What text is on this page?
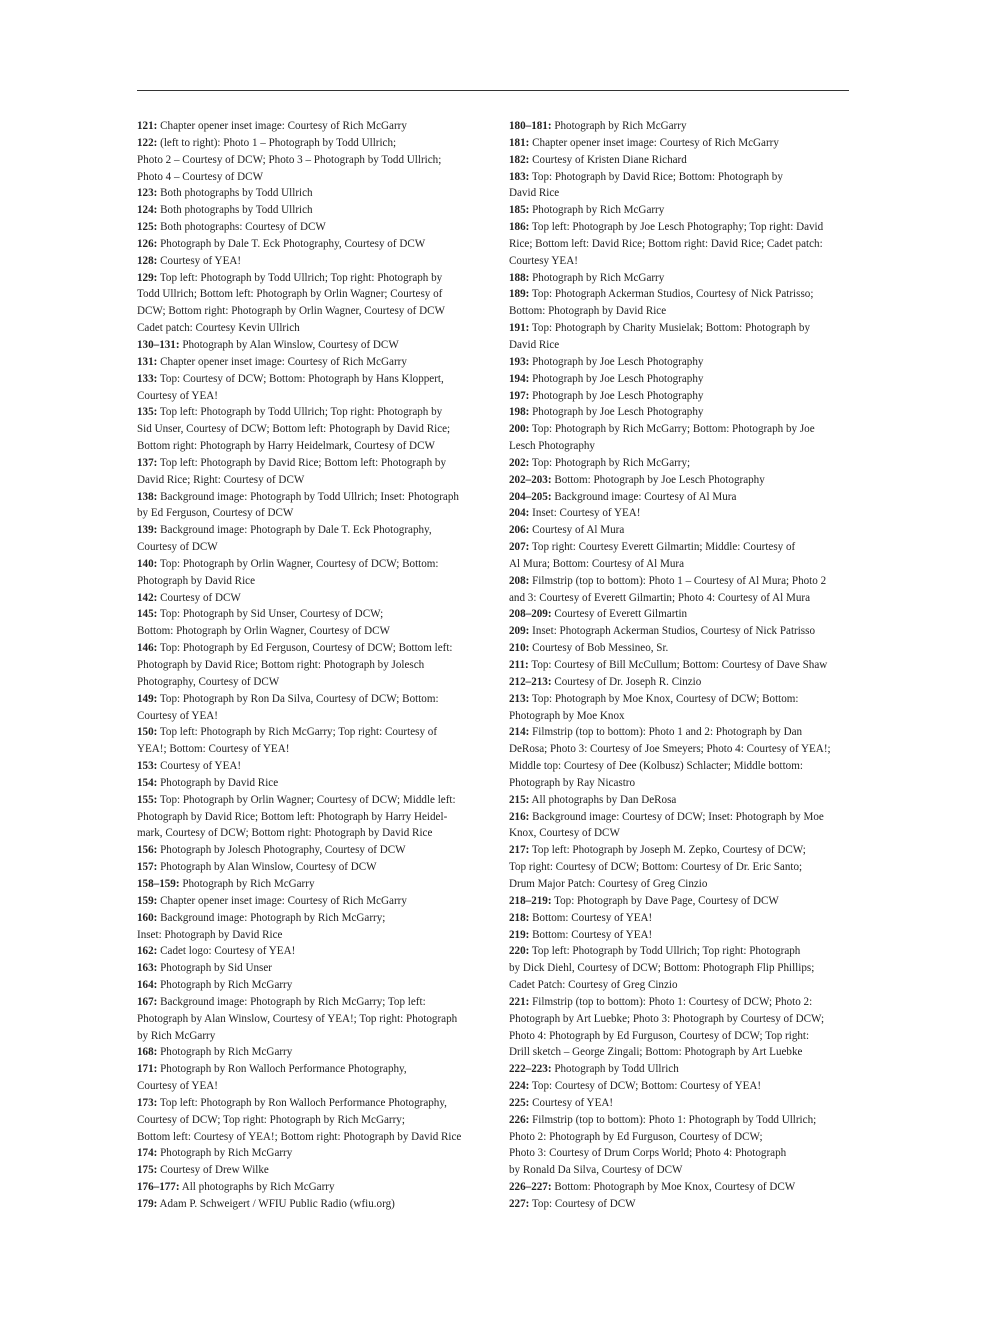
121: Chapter opener inset image: Courtesy of Rich McGarry
122: (left to right): Photo 1 – Photograph by Todd Ullrich;
Photo 2 – Courtesy of DCW; Photo 3 – Photograph by Todd Ullrich;
Photo 4 – Courtesy of DCW
123: Both photographs by Todd Ullrich
124: Both photographs by Todd Ullrich
125: Both photographs: Courtesy of DCW
126: Photograph by Dale T. Eck Photography, Courtesy of DCW
128: Courtesy of YEA!
129: Top left: Photograph by Todd Ullrich; Top right: Photograph by
Todd Ullrich; Bottom left: Photograph by Orlin Wagner; Courtesy of
DCW; Bottom right: Photograph by Orlin Wagner, Courtesy of DCW
Cadet patch: Courtesy Kevin Ullrich
130–131: Photograph by Alan Winslow, Courtesy of DCW
131: Chapter opener inset image: Courtesy of Rich McGarry
133: Top: Courtesy of DCW; Bottom: Photograph by Hans Kloppert,
Courtesy of YEA!
135: Top left: Photograph by Todd Ullrich; Top right: Photograph by
Sid Unser, Courtesy of DCW; Bottom left: Photograph by David Rice;
Bottom right: Photograph by Harry Heidelmark, Courtesy of DCW
137: Top left: Photograph by David Rice; Bottom left: Photograph by
David Rice; Right: Courtesy of DCW
138: Background image: Photograph by Todd Ullrich; Inset: Photograph
by Ed Ferguson, Courtesy of DCW
139: Background image: Photograph by Dale T. Eck Photography,
Courtesy of DCW
140: Top: Photograph by Orlin Wagner, Courtesy of DCW; Bottom:
Photograph by David Rice
142: Courtesy of DCW
145: Top: Photograph by Sid Unser, Courtesy of DCW;
Bottom: Photograph by Orlin Wagner, Courtesy of DCW
146: Top: Photograph by Ed Ferguson, Courtesy of DCW; Bottom left:
Photograph by David Rice; Bottom right: Photograph by Jolesch
Photography, Courtesy of DCW
149: Top: Photograph by Ron Da Silva, Courtesy of DCW; Bottom:
Courtesy of YEA!
150: Top left: Photograph by Rich McGarry; Top right: Courtesy of
YEA!; Bottom: Courtesy of YEA!
153: Courtesy of YEA!
154: Photograph by David Rice
155: Top: Photograph by Orlin Wagner; Courtesy of DCW; Middle left:
Photograph by David Rice; Bottom left: Photograph by Harry Heidel-
mark, Courtesy of DCW; Bottom right: Photograph by David Rice
156: Photograph by Jolesch Photography, Courtesy of DCW
157: Photograph by Alan Winslow, Courtesy of DCW
158–159: Photograph by Rich McGarry
159: Chapter opener inset image: Courtesy of Rich McGarry
160: Background image: Photograph by Rich McGarry;
Inset: Photograph by David Rice
162: Cadet logo: Courtesy of YEA!
163: Photograph by Sid Unser
164: Photograph by Rich McGarry
167: Background image: Photograph by Rich McGarry; Top left:
Photograph by Alan Winslow, Courtesy of YEA!; Top right: Photograph
by Rich McGarry
168: Photograph by Rich McGarry
171: Photograph by Ron Walloch Performance Photography,
Courtesy of YEA!
173: Top left: Photograph by Ron Walloch Performance Photography,
Courtesy of DCW; Top right: Photograph by Rich McGarry;
Bottom left: Courtesy of YEA!; Bottom right: Photograph by David Rice
174: Photograph by Rich McGarry
175: Courtesy of Drew Wilke
176–177: All photographs by Rich McGarry
179: Adam P. Schweigert / WFIU Public Radio (wfiu.org)
180–181: Photograph by Rich McGarry
181: Chapter opener inset image: Courtesy of Rich McGarry
182: Courtesy of Kristen Diane Richard
183: Top: Photograph by David Rice; Bottom: Photograph by
David Rice
185: Photograph by Rich McGarry
186: Top left: Photograph by Joe Lesch Photography; Top right: David
Rice; Bottom left: David Rice; Bottom right: David Rice; Cadet patch:
Courtesy YEA!
188: Photograph by Rich McGarry
189: Top: Photograph Ackerman Studios, Courtesy of Nick Patrisso;
Bottom: Photograph by David Rice
191: Top: Photograph by Charity Musielak; Bottom: Photograph by
David Rice
193: Photograph by Joe Lesch Photography
194: Photograph by Joe Lesch Photography
197: Photograph by Joe Lesch Photography
198: Photograph by Joe Lesch Photography
200: Top: Photograph by Rich McGarry; Bottom: Photograph by Joe
Lesch Photography
202: Top: Photograph by Rich McGarry;
202–203: Bottom: Photograph by Joe Lesch Photography
204–205: Background image: Courtesy of Al Mura
204: Inset: Courtesy of YEA!
206: Courtesy of Al Mura
207: Top right: Courtesy Everett Gilmartin; Middle: Courtesy of
Al Mura; Bottom: Courtesy of Al Mura
208: Filmstrip (top to bottom): Photo 1 – Courtesy of Al Mura; Photo 2
and 3: Courtesy of Everett Gilmartin; Photo 4: Courtesy of Al Mura
208–209: Courtesy of Everett Gilmartin
209: Inset: Photograph Ackerman Studios, Courtesy of Nick Patrisso
210: Courtesy of Bob Messineo, Sr.
211: Top: Courtesy of Bill McCullum; Bottom: Courtesy of Dave Shaw
212–213: Courtesy of Dr. Joseph R. Cinzio
213: Top: Photograph by Moe Knox, Courtesy of DCW; Bottom:
Photograph by Moe Knox
214: Filmstrip (top to bottom): Photo 1 and 2: Photograph by Dan
DeRosa; Photo 3: Courtesy of Joe Smeyers; Photo 4: Courtesy of YEA!;
Middle top: Courtesy of Dee (Kolbusz) Schlacter; Middle bottom:
Photograph by Ray Nicastro
215: All photographs by Dan DeRosa
216: Background image: Courtesy of DCW; Inset: Photograph by Moe
Knox, Courtesy of DCW
217: Top left: Photograph by Joseph M. Zepko, Courtesy of DCW;
Top right: Courtesy of DCW; Bottom: Courtesy of Dr. Eric Santo;
Drum Major Patch: Courtesy of Greg Cinzio
218–219: Top: Photograph by Dave Page, Courtesy of DCW
218: Bottom: Courtesy of YEA!
219: Bottom: Courtesy of YEA!
220: Top left: Photograph by Todd Ullrich; Top right: Photograph
by Dick Diehl, Courtesy of DCW; Bottom: Photograph Flip Phillips;
Cadet Patch: Courtesy of Greg Cinzio
221: Filmstrip (top to bottom): Photo 1: Courtesy of DCW; Photo 2:
Photograph by Art Luebke; Photo 3: Photograph by Courtesy of DCW;
Photo 4: Photograph by Ed Furguson, Courtesy of DCW; Top right:
Drill sketch – George Zingali; Bottom: Photograph by Art Luebke
222–223: Photograph by Todd Ullrich
224: Top: Courtesy of DCW; Bottom: Courtesy of YEA!
225: Courtesy of YEA!
226: Filmstrip (top to bottom): Photo 1: Photograph by Todd Ullrich;
Photo 2: Photograph by Ed Furguson, Courtesy of DCW;
Photo 3: Courtesy of Drum Corps World; Photo 4: Photograph
by Ronald Da Silva, Courtesy of DCW
226–227: Bottom: Photograph by Moe Knox, Courtesy of DCW
227: Top: Courtesy of DCW
